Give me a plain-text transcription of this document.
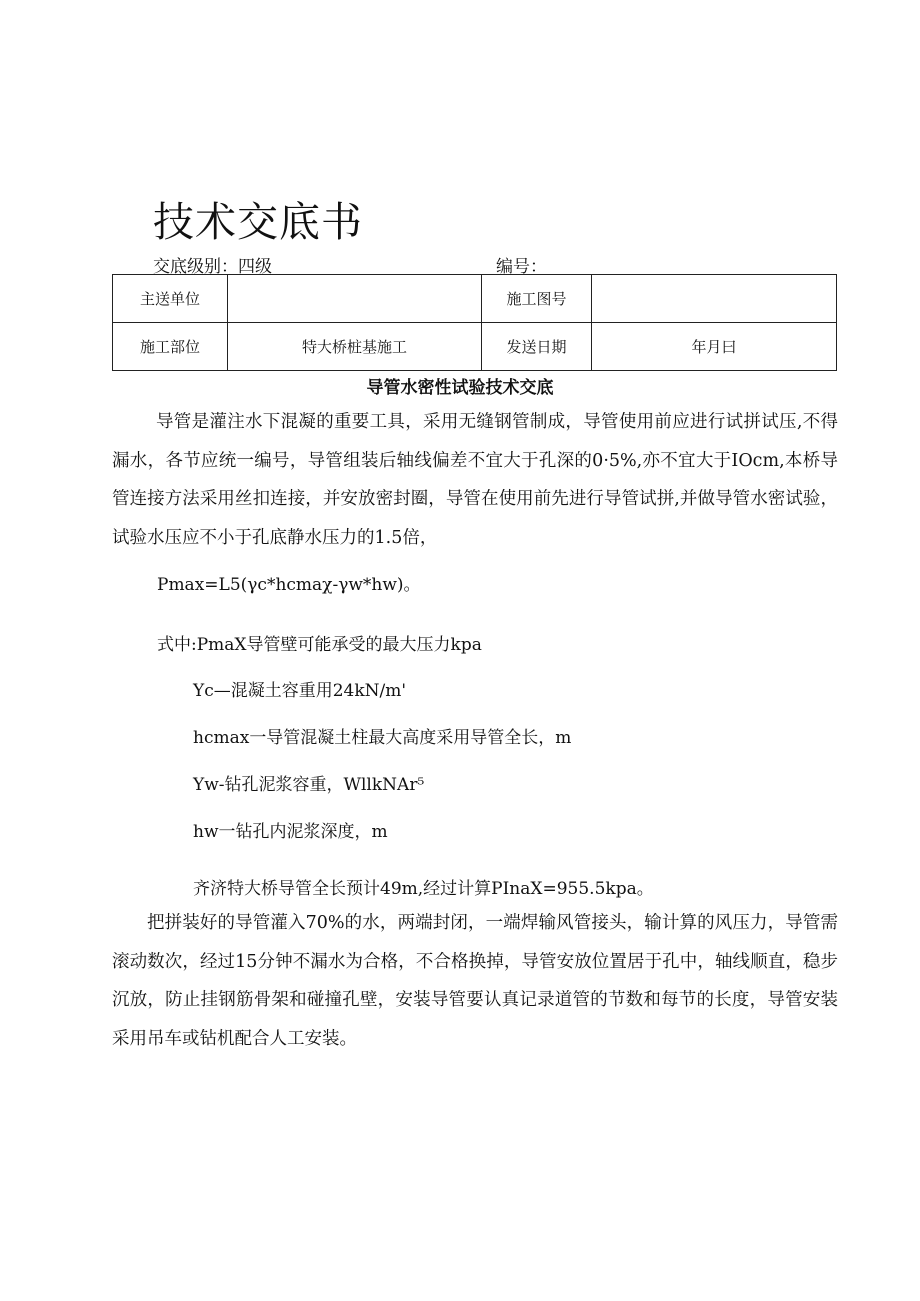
技术交底书
交底级别：四级	编号：
主送单位		施工图号	
施工部位	特大桥桩基施工	发送日期	年月曰
导管水密性试验技术交底

导管是灌注水下混凝的重要工具，采用无缝钢管制成，导管使用前应进行试拼试压,不得漏水，各节应统一编号，导管组装后轴线偏差不宜大于孔深的0·5%,亦不宜大于IOcm,本桥导管连接方法采用丝扣连接，并安放密封圈，导管在使用前先进行导管试拼,并做导管水密试验，试验水压应不小于孔底静水压力的1.5倍，

Pmax=L5(γc*hcmaχ-γw*hw)。
式中:PmaX导管壁可能承受的最大压力kpa
Yc—混凝土容重用24kN∕m'
hcmax一导管混凝土柱最大高度采用导管全长，m
Yw-钻孔泥浆容重，WllkNAr⁵
hw一钻孔内泥浆深度，m
齐济特大桥导管全长预计49m,经过计算PInaX=955.5kpa。

把拼装好的导管灌入70%的水，两端封闭，一端焊输风管接头，输计算的风压力，导管需滚动数次，经过15分钟不漏水为合格，不合格换掉，导管安放位置居于孔中，轴线顺直，稳步沉放，防止挂钢筋骨架和碰撞孔壁，安装导管要认真记录道管的节数和每节的长度，导管安装采用吊车或钻机配合人工安装。
